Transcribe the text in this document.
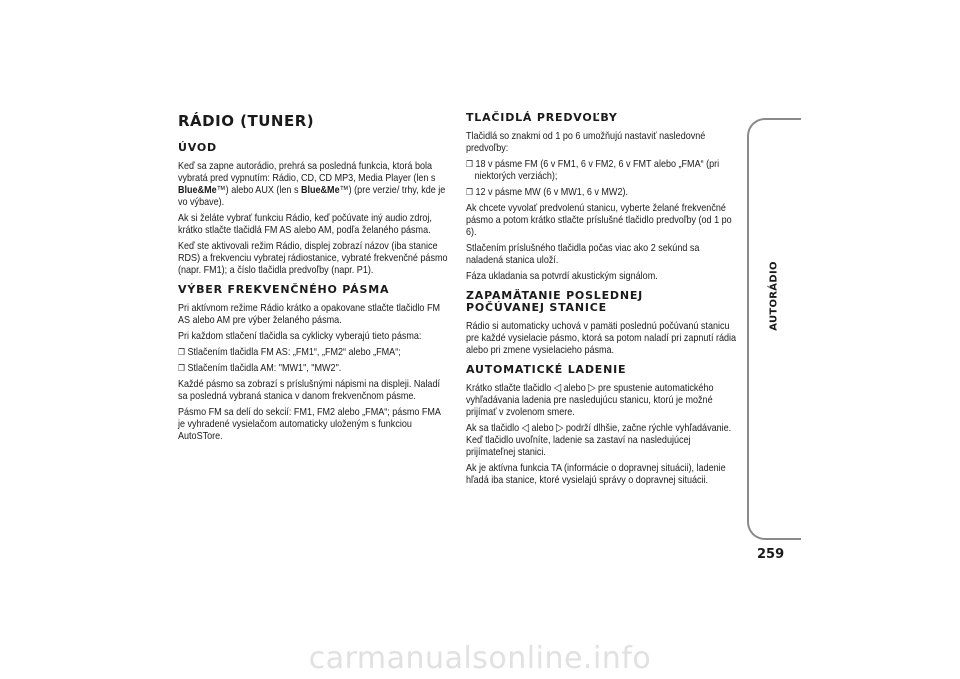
RÁDIO (TUNER)
ÚVOD

Keď sa zapne autorádio, prehrá sa posledná funkcia, ktorá bola vybratá pred vypnutím: Rádio, CD, CD MP3, Media Player (len s Blue&Me™) alebo AUX (len s Blue&Me™) (pre verzie/ trhy, kde je vo výbave).

Ak si želáte vybrať funkciu Rádio, keď počúvate iný audio zdroj, krátko stlačte tlačidlá FM AS alebo AM, podľa želaného pásma.

Keď ste aktivovali režim Rádio, displej zobrazí názov (iba stanice RDS) a frekvenciu vybratej rádiostanice, vybraté frekvenčné pásmo (napr. FM1); a číslo tlačidla predvoľby (napr. P1).

VÝBER FREKVENČNÉHO PÁSMA

Pri aktívnom režime Rádio krátko a opakovane stlačte tlačidlo FM AS alebo AM pre výber želaného pásma.

Pri každom stlačení tlačidla sa cyklicky vyberajú tieto pásma:

❒ Stlačením tlačidla FM AS: „FM1“, „FM2“ alebo „FMA“;

❒ Stlačením tlačidla AM: "MW1", "MW2".

Každé pásmo sa zobrazí s príslušnými nápismi na displeji. Naladí sa posledná vybraná stanica v danom frekvenčnom pásme.

Pásmo FM sa delí do sekcií: FM1, FM2 alebo „FMA“; pásmo FMA je vyhradené vysielačom automaticky uloženým s funkciou AutoSTore.

TLAČIDLÁ PREDVOĽBY

Tlačidlá so znakmi od 1 po 6 umožňujú nastaviť nasledovné predvoľby:

❒ 18 v pásme FM (6 v FM1, 6 v FM2, 6 v FMT alebo „FMA“ (pri niektorých verziách);

❒ 12 v pásme MW (6 v MW1, 6 v MW2).

Ak chcete vyvolať predvolenú stanicu, vyberte želané frekvenčné pásmo a potom krátko stlačte príslušné tlačidlo predvoľby (od 1 po 6).

Stlačením príslušného tlačidla počas viac ako 2 sekúnd sa naladená stanica uloží.

Fáza ukladania sa potvrdí akustickým signálom.

ZAPAMÄTANIE POSLEDNEJ
POČÚVANEJ STANICE

Rádio si automaticky uchová v pamäti poslednú počúvanú stanicu pre každé vysielacie pásmo, ktorá sa potom naladí pri zapnutí rádia alebo pri zmene vysielacieho pásma.

AUTOMATICKÉ LADENIE

Krátko stlačte tlačidlo ◁ alebo ▷ pre spustenie automatického vyhľadávania ladenia pre nasledujúcu stanicu, ktorú je možné prijímať v zvolenom smere.

Ak sa tlačidlo ◁ alebo ▷ podrží dlhšie, začne rýchle vyhľadávanie. Keď tlačidlo uvoľníte, ladenie sa zastaví na nasledujúcej prijímateľnej stanici.

Ak je aktívna funkcia TA (informácie o dopravnej situácii), ladenie hľadá iba stanice, ktoré vysielajú správy o dopravnej situácii.

AUTORÁDIO
259
carmanualsonline.info
